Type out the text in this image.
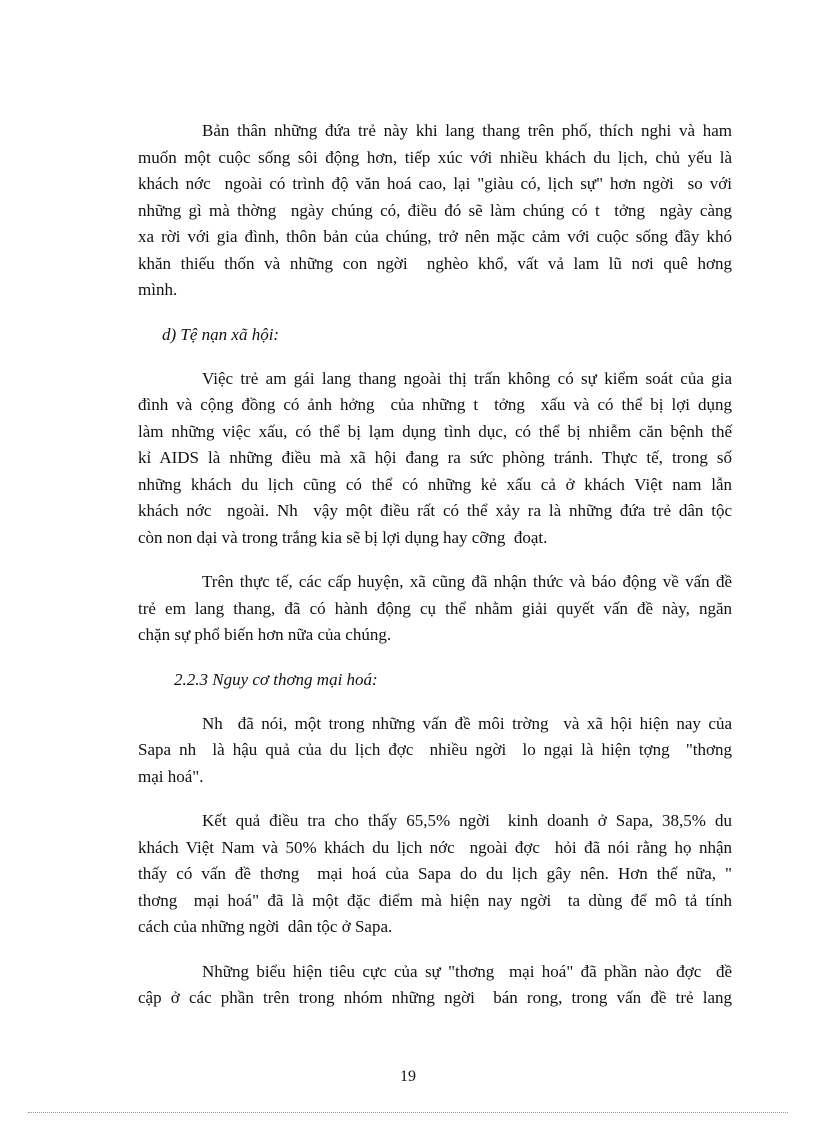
Bản thân những đứa trẻ này khi lang thang trên phố, thích nghi và ham
muốn một cuộc sống sôi động hơn, tiếp xúc với nhiều khách du lịch, chủ yếu là
khách nớc  ngoài có trình độ văn hoá cao, lại "giàu có, lịch sự" hơn ngời  so với
những gì mà thờng  ngày chúng có, điều đó sẽ làm chúng có t  tởng  ngày càng
xa rời với gia đình, thôn bản của chúng, trở nên mặc cảm với cuộc sống đầy khó
khăn thiếu thốn và những con ngời  nghèo khổ, vất vả lam lũ nơi quê hơng
mình.

d) Tệ nạn xã hội:

Việc trẻ am gái lang thang ngoài thị trấn không có sự kiểm soát của gia
đình và cộng đồng có ảnh hởng  của những t  tởng  xấu và có thể bị lợi dụng
làm những việc xấu, có thể bị lạm dụng tình dục, có thể bị nhiễm căn bệnh thế
kỉ AIDS là những điều mà xã hội đang ra sức phòng tránh. Thực tế, trong số
những khách du lịch cũng có thể có những kẻ xấu cả ở khách Việt nam lẫn
khách nớc  ngoài. Nh  vậy một điều rất có thể xảy ra là những đứa trẻ dân tộc
còn non dại và trong trắng kia sẽ bị lợi dụng hay cỡng  đoạt.

Trên thực tế, các cấp huyện, xã cũng đã nhận thức và báo động về vấn đề
trẻ em lang thang, đã có hành động cụ thể nhằm giải quyết vấn đề này, ngăn
chặn sự phổ biến hơn nữa của chúng.

2.2.3 Nguy cơ thơng mại hoá:

Nh  đã nói, một trong những vấn đề môi trờng  và xã hội hiện nay của
Sapa nh  là hậu quả của du lịch đợc  nhiều ngời  lo ngại là hiện tợng  "thơng
mại hoá".

Kết quả điều tra cho thấy 65,5% ngời  kinh doanh ở Sapa, 38,5% du
khách Việt Nam và 50% khách du lịch nớc  ngoài đợc  hỏi đã nói rằng họ nhận
thấy có vấn đề thơng  mại hoá của Sapa do du lịch gây nên. Hơn thế nữa, "
thơng  mại hoá" đã là một đặc điểm mà hiện nay ngời  ta dùng để mô tả tính
cách của những ngời  dân tộc ở Sapa.

Những biểu hiện tiêu cực của sự "thơng  mại hoá" đã phần nào đợc  đề
cập ở các phần trên trong nhóm những ngời  bán rong, trong vấn đề trẻ lang

19
